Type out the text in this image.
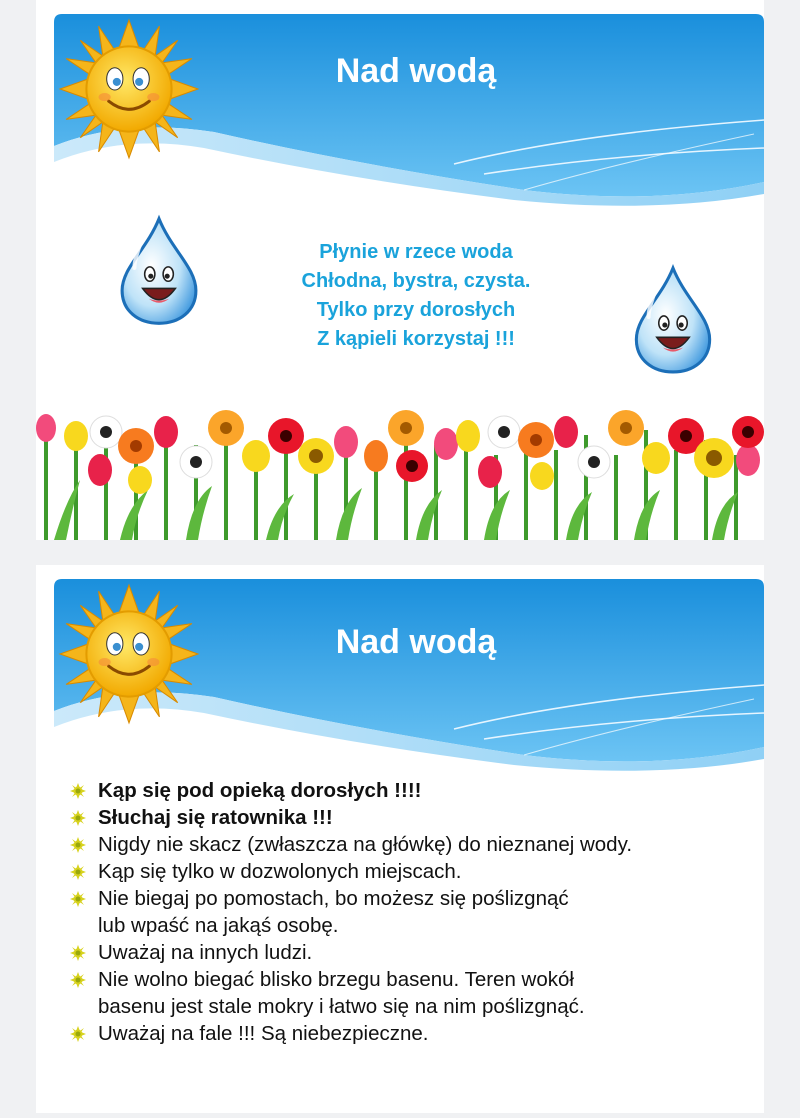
Nad wodą
Płynie w rzece woda
Chłodna, bystra, czysta.
Tylko przy dorosłych
Z kąpieli korzystaj !!!
Nad wodą
Kąp się pod opieką dorosłych !!!!
Słuchaj się ratownika !!!
Nigdy nie skacz (zwłaszcza na główkę) do nieznanej wody.
Kąp się tylko w dozwolonych miejscach.
Nie biegaj po pomostach, bo możesz się poślizgnąć
lub wpaść na jakąś osobę.
Uważaj na innych ludzi.
Nie wolno biegać blisko brzegu basenu. Teren wokół
basenu jest stale mokry i łatwo się na nim poślizgnąć.
Uważaj na fale !!! Są niebezpieczne.
